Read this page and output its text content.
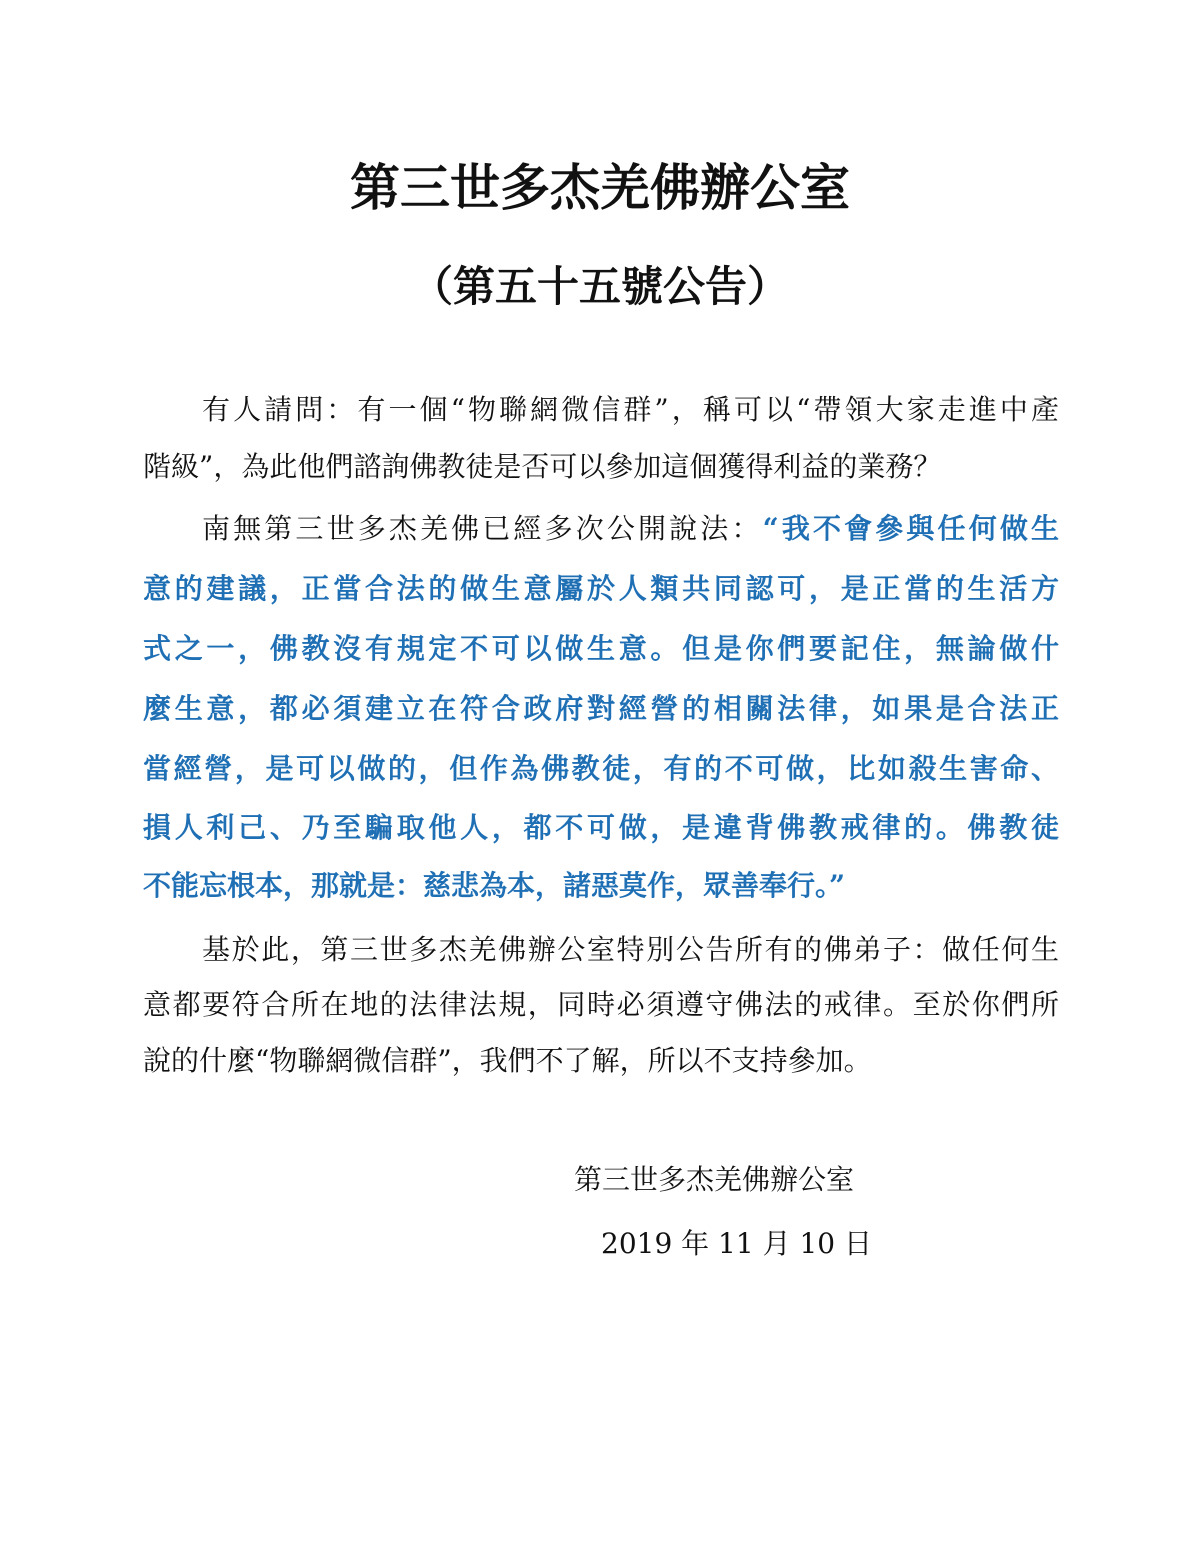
第三世多杰羌佛辦公室
（第五十五號公告）
有人請問：有一個“物聯網微信群”，稱可以“帶領大家走進中產
階級”，為此他們諮詢佛教徒是否可以參加這個獲得利益的業務？
南無第三世多杰羌佛已經多次公開說法：“我不會參與任何做生
意的建議，正當合法的做生意屬於人類共同認可，是正當的生活方
式之一，佛教沒有規定不可以做生意。但是你們要記住，無論做什
麼生意，都必須建立在符合政府對經營的相關法律，如果是合法正
當經營，是可以做的，但作為佛教徒，有的不可做，比如殺生害命、
損人利己、乃至騙取他人，都不可做，是違背佛教戒律的。佛教徒
不能忘根本，那就是：慈悲為本，諸惡莫作，眾善奉行。”
基於此，第三世多杰羌佛辦公室特別公告所有的佛弟子：做任何生
意都要符合所在地的法律法規，同時必須遵守佛法的戒律。至於你們所
說的什麼“物聯網微信群”，我們不了解，所以不支持參加。
第三世多杰羌佛辦公室
2019 年 11 月 10 日
